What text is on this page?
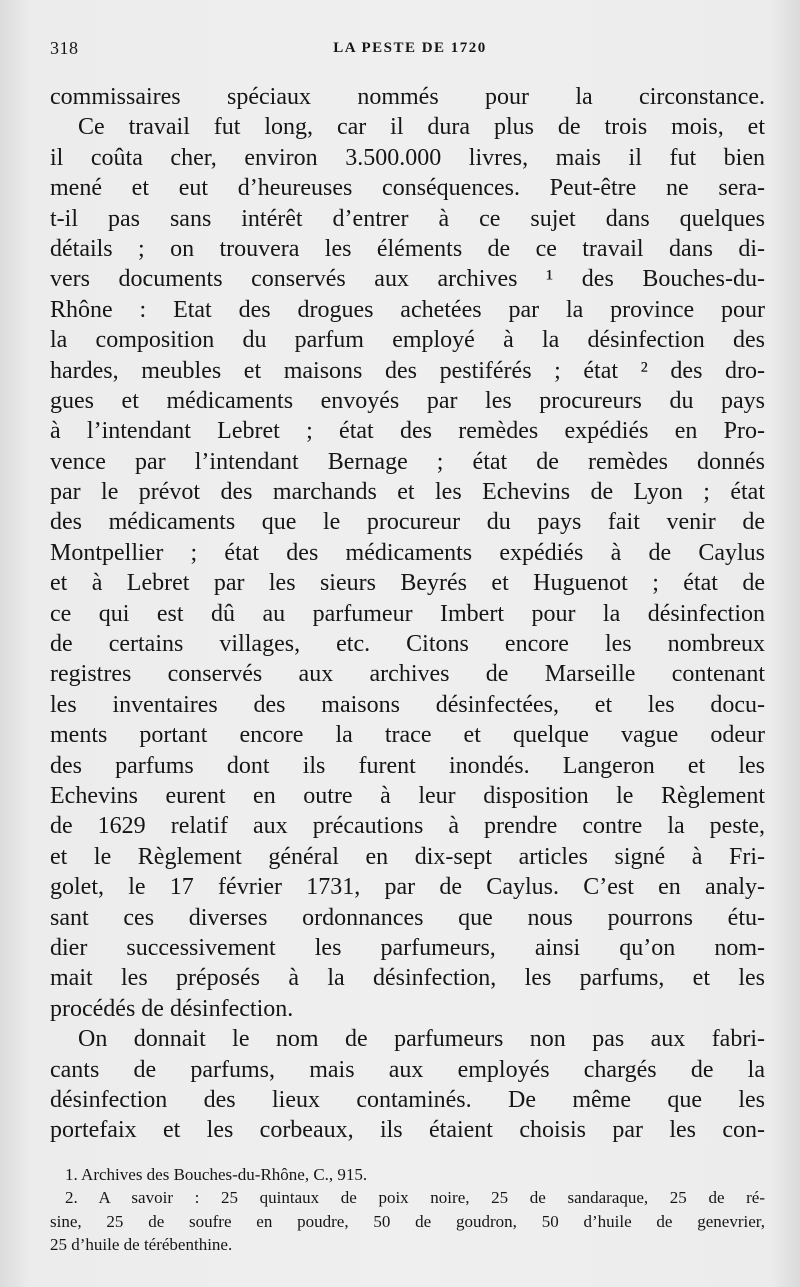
318	LA PESTE DE 1720
commissaires spéciaux nommés pour la circonstance.
Ce travail fut long, car il dura plus de trois mois, et
il coûta cher, environ 3.500.000 livres, mais il fut bien
mené et eut d’heureuses conséquences. Peut-être ne sera-
t-il pas sans intérêt d’entrer à ce sujet dans quelques
détails ; on trouvera les éléments de ce travail dans di-
vers documents conservés aux archives ¹ des Bouches-du-
Rhône : Etat des drogues achetées par la province pour
la composition du parfum employé à la désinfection des
hardes, meubles et maisons des pestiférés ; état ² des dro-
gues et médicaments envoyés par les procureurs du pays
à l’intendant Lebret ; état des remèdes expédiés en Pro-
vence par l’intendant Bernage ; état de remèdes donnés
par le prévot des marchands et les Echevins de Lyon ; état
des médicaments que le procureur du pays fait venir de
Montpellier ; état des médicaments expédiés à de Caylus
et à Lebret par les sieurs Beyrés et Huguenot ; état de
ce qui est dû au parfumeur Imbert pour la désinfection
de certains villages, etc. Citons encore les nombreux
registres conservés aux archives de Marseille contenant
les inventaires des maisons désinfectées, et les docu-
ments portant encore la trace et quelque vague odeur
des parfums dont ils furent inondés. Langeron et les
Echevins eurent en outre à leur disposition le Règlement
de 1629 relatif aux précautions à prendre contre la peste,
et le Règlement général en dix-sept articles signé à Fri-
golet, le 17 février 1731, par de Caylus. C’est en analy-
sant ces diverses ordonnances que nous pourrons étu-
dier successivement les parfumeurs, ainsi qu’on nom-
mait les préposés à la désinfection, les parfums, et les
procédés de désinfection.
On donnait le nom de parfumeurs non pas aux fabri-
cants de parfums, mais aux employés chargés de la
désinfection des lieux contaminés. De même que les
portefaix et les corbeaux, ils étaient choisis par les con-
1. Archives des Bouches-du-Rhône, C., 915.
2. A savoir : 25 quintaux de poix noire, 25 de sandaraque, 25 de ré-
sine, 25 de soufre en poudre, 50 de goudron, 50 d’huile de genevrier,
25 d’huile de térébenthine.
